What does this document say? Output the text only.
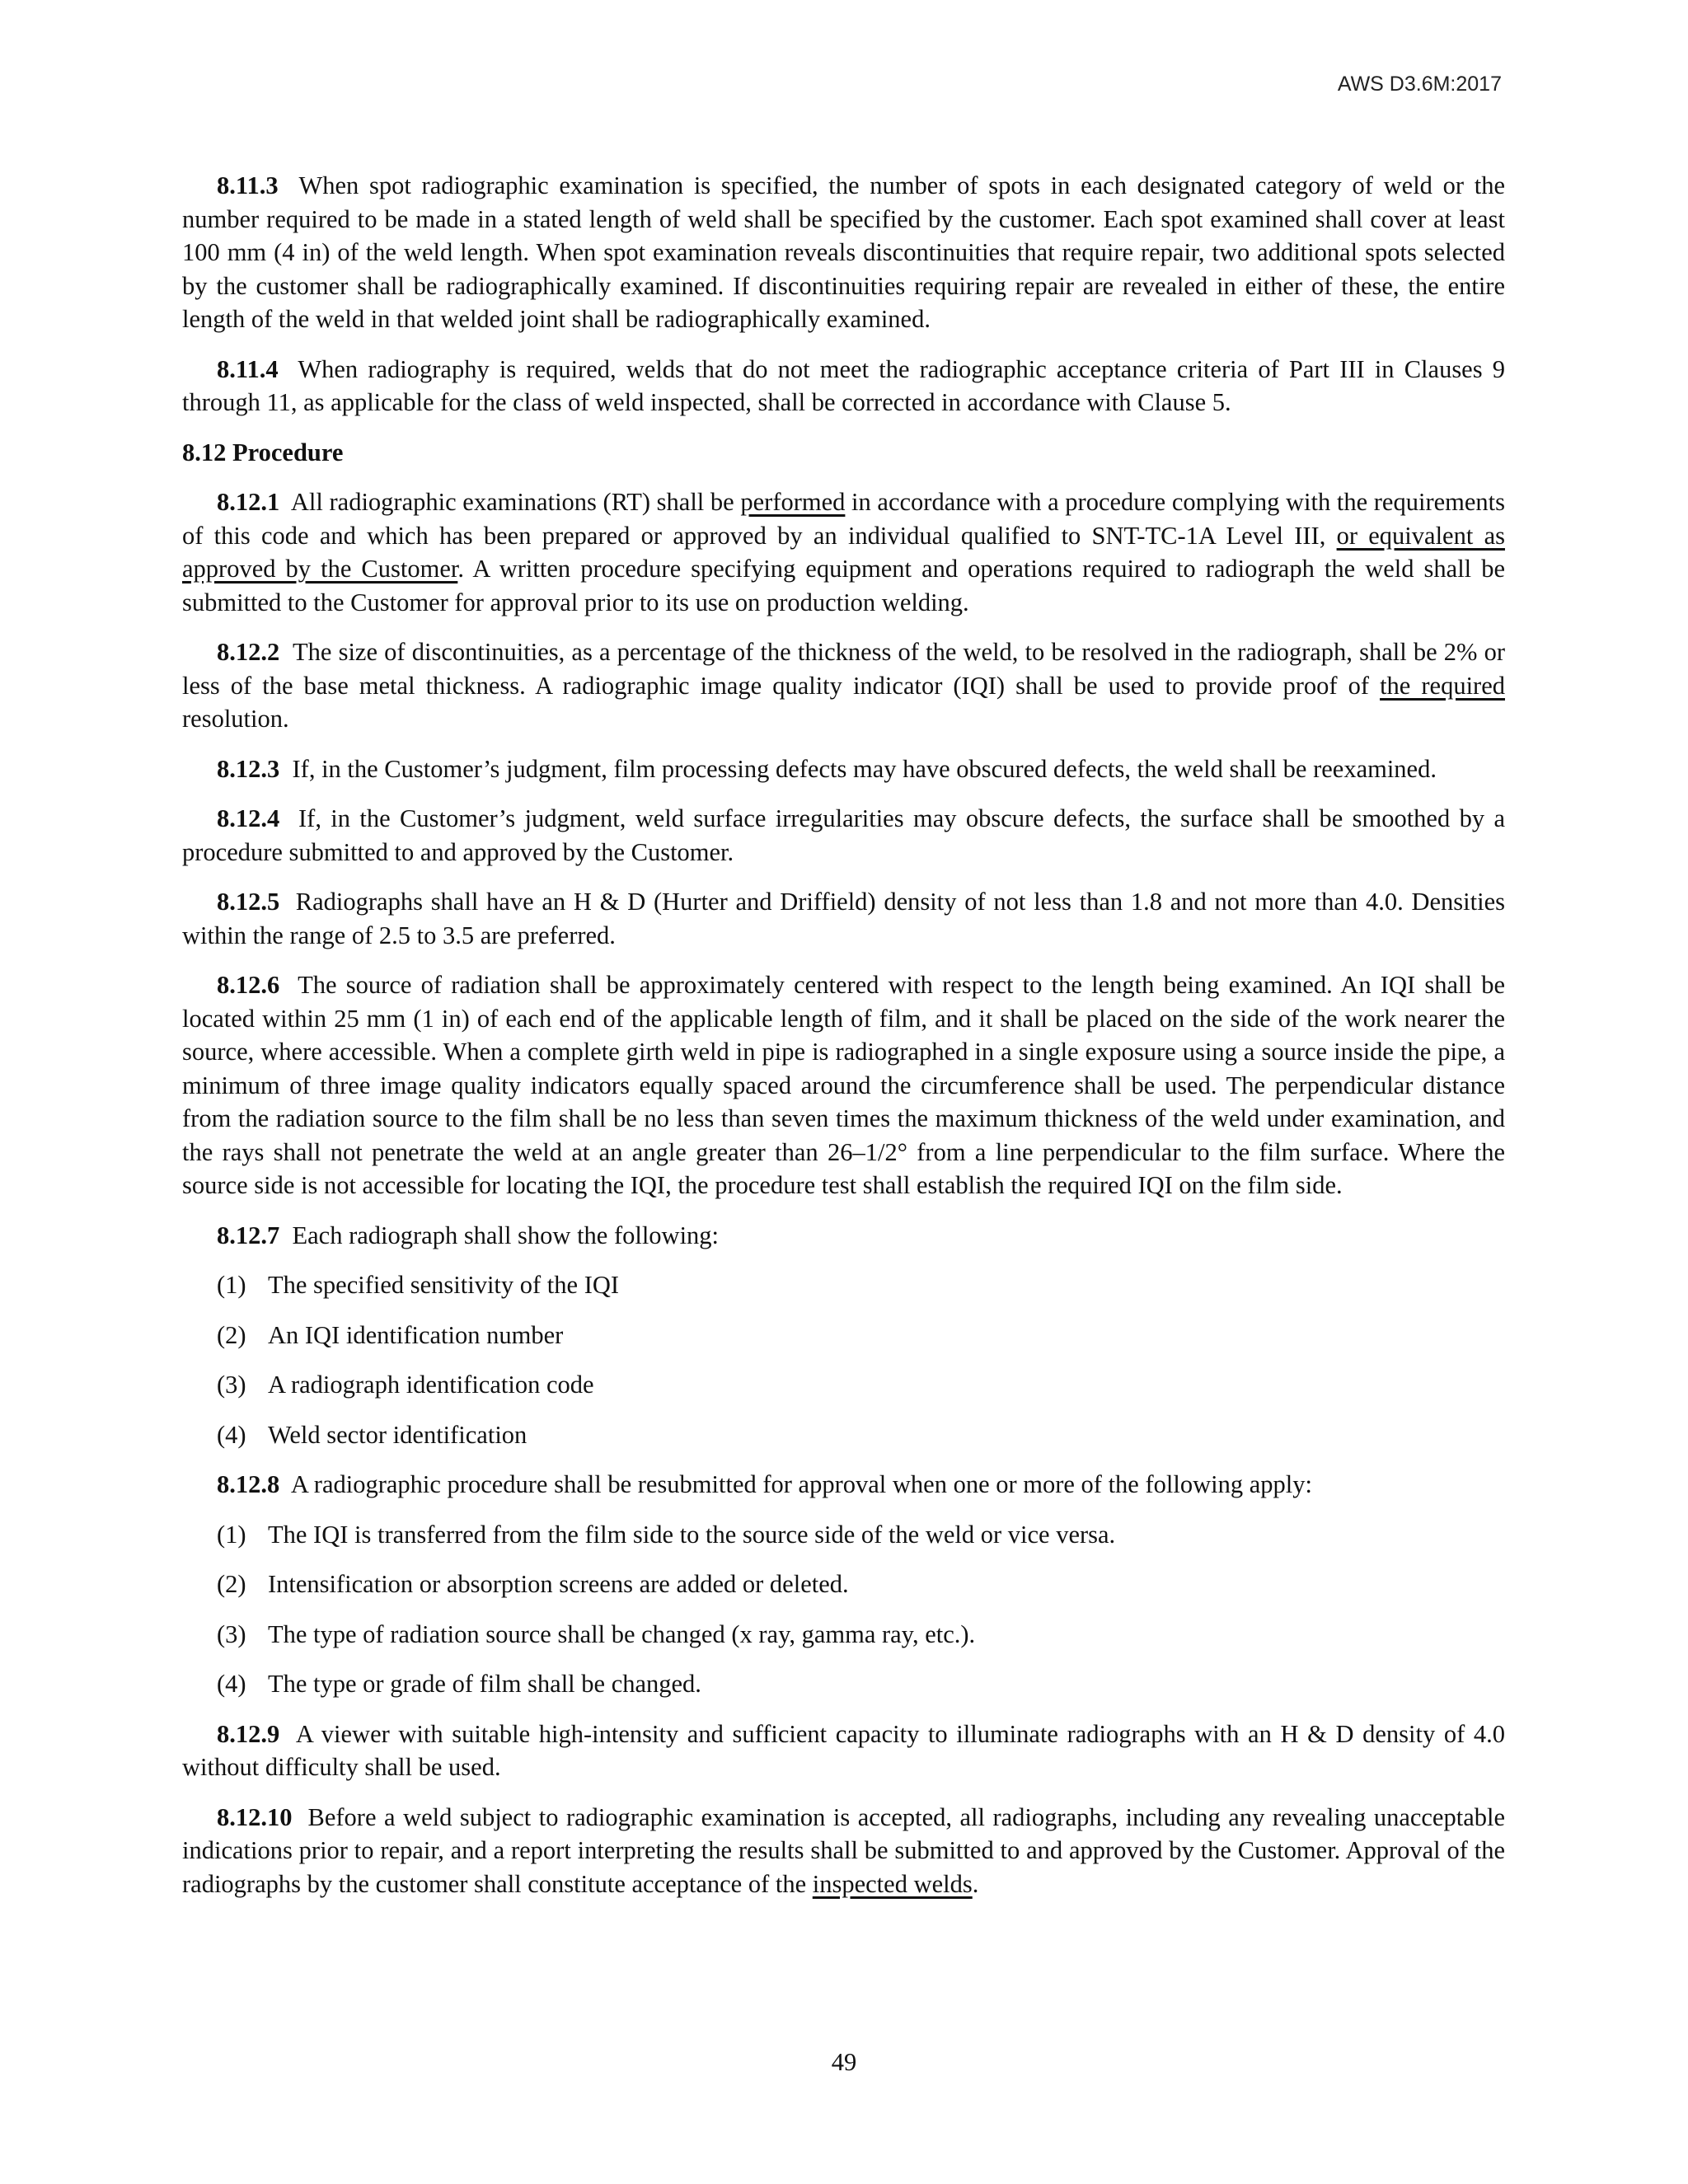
AWS D3.6M:2017

8.11.3 When spot radiographic examination is specified, the number of spots in each designated category of weld or the number required to be made in a stated length of weld shall be specified by the customer. Each spot examined shall cover at least 100 mm (4 in) of the weld length. When spot examination reveals discontinuities that require repair, two additional spots selected by the customer shall be radiographically examined. If discontinuities requiring repair are revealed in either of these, the entire length of the weld in that welded joint shall be radiographically examined.

8.11.4 When radiography is required, welds that do not meet the radiographic acceptance criteria of Part III in Clauses 9 through 11, as applicable for the class of weld inspected, shall be corrected in accordance with Clause 5.

8.12 Procedure

8.12.1 All radiographic examinations (RT) shall be performed in accordance with a procedure complying with the requirements of this code and which has been prepared or approved by an individual qualified to SNT-TC-1A Level III, or equivalent as approved by the Customer. A written procedure specifying equipment and operations required to radiograph the weld shall be submitted to the Customer for approval prior to its use on production welding.

8.12.2 The size of discontinuities, as a percentage of the thickness of the weld, to be resolved in the radiograph, shall be 2% or less of the base metal thickness. A radiographic image quality indicator (IQI) shall be used to provide proof of the required resolution.

8.12.3 If, in the Customer’s judgment, film processing defects may have obscured defects, the weld shall be reexamined.

8.12.4 If, in the Customer’s judgment, weld surface irregularities may obscure defects, the surface shall be smoothed by a procedure submitted to and approved by the Customer.

8.12.5 Radiographs shall have an H & D (Hurter and Driffield) density of not less than 1.8 and not more than 4.0. Densities within the range of 2.5 to 3.5 are preferred.

8.12.6 The source of radiation shall be approximately centered with respect to the length being examined. An IQI shall be located within 25 mm (1 in) of each end of the applicable length of film, and it shall be placed on the side of the work nearer the source, where accessible. When a complete girth weld in pipe is radiographed in a single exposure using a source inside the pipe, a minimum of three image quality indicators equally spaced around the circumference shall be used. The perpendicular distance from the radiation source to the film shall be no less than seven times the maximum thickness of the weld under examination, and the rays shall not penetrate the weld at an angle greater than 26–1/2° from a line perpendicular to the film surface. Where the source side is not accessible for locating the IQI, the procedure test shall establish the required IQI on the film side.

8.12.7 Each radiograph shall show the following:

(1) The specified sensitivity of the IQI
(2) An IQI identification number
(3) A radiograph identification code
(4) Weld sector identification

8.12.8 A radiographic procedure shall be resubmitted for approval when one or more of the following apply:

(1) The IQI is transferred from the film side to the source side of the weld or vice versa.
(2) Intensification or absorption screens are added or deleted.
(3) The type of radiation source shall be changed (x ray, gamma ray, etc.).
(4) The type or grade of film shall be changed.

8.12.9 A viewer with suitable high-intensity and sufficient capacity to illuminate radiographs with an H & D density of 4.0 without difficulty shall be used.

8.12.10 Before a weld subject to radiographic examination is accepted, all radiographs, including any revealing unacceptable indications prior to repair, and a report interpreting the results shall be submitted to and approved by the Customer. Approval of the radiographs by the customer shall constitute acceptance of the inspected welds.

49
